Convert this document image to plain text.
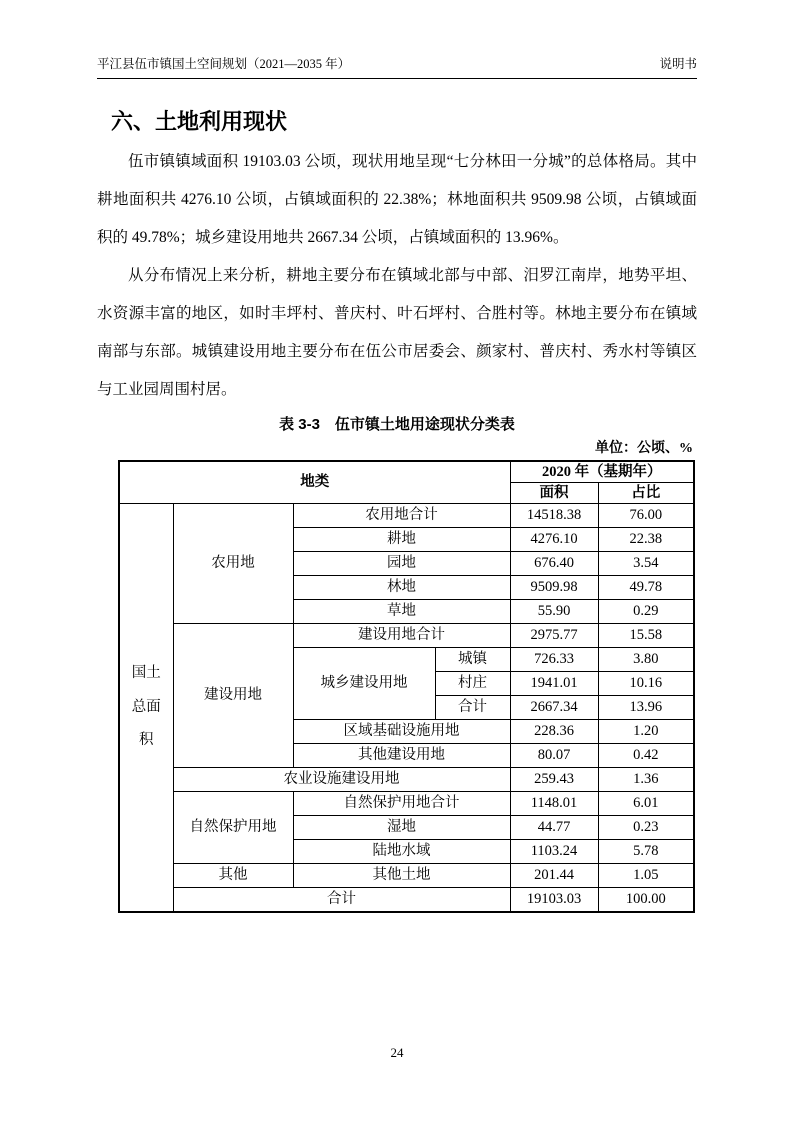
平江县伍市镇国土空间规划（2021—2035 年）	说明书
六、土地利用现状

伍市镇镇域面积 19103.03 公顷，现状用地呈现“七分林田一分城”的总体格局。其中耕地面积共 4276.10 公顷，占镇域面积的 22.38%；林地面积共 9509.98 公顷，占镇域面积的 49.78%；城乡建设用地共 2667.34 公顷，占镇域面积的 13.96%。

从分布情况上来分析，耕地主要分布在镇域北部与中部、汨罗江南岸，地势平坦、水资源丰富的地区，如时丰坪村、普庆村、叶石坪村、合胜村等。林地主要分布在镇域南部与东部。城镇建设用地主要分布在伍公市居委会、颜家村、普庆村、秀水村等镇区与工业园周围村居。

表 3-3　伍市镇土地用途现状分类表
单位：公顷、%
地类				2020 年（基期年）	
				面积	占比
国土总面积	农用地	农用地合计		14518.38	76.00
		耕地		4276.10	22.38
		园地		676.40	3.54
		林地		9509.98	49.78
		草地		55.90	0.29
	建设用地	建设用地合计		2975.77	15.58
		城乡建设用地	城镇	726.33	3.80
			村庄	1941.01	10.16
			合计	2667.34	13.96
		区域基础设施用地		228.36	1.20
		其他建设用地		80.07	0.42
	农业设施建设用地			259.43	1.36
	自然保护用地	自然保护用地合计		1148.01	6.01
		湿地		44.77	0.23
		陆地水域		1103.24	5.78
	其他	其他土地		201.44	1.05
	合计			19103.03	100.00
24
